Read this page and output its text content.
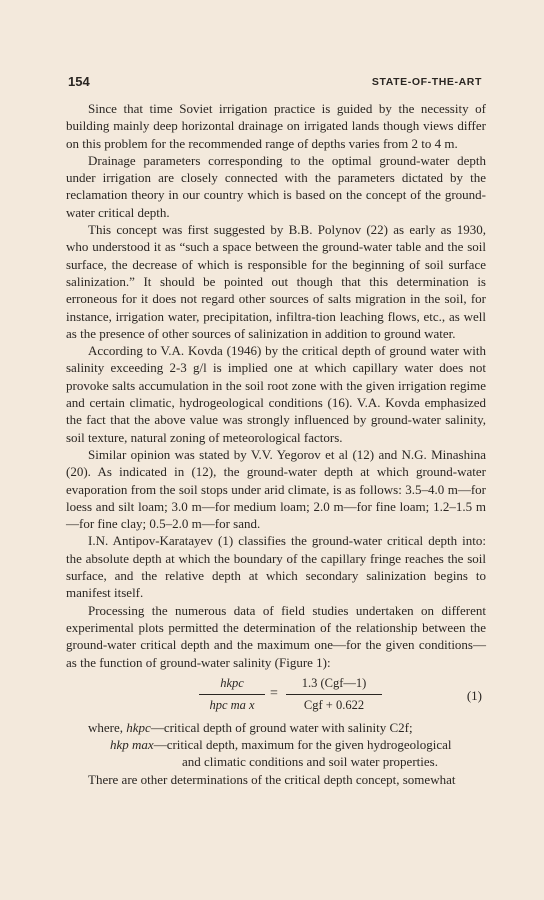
154	STATE-OF-THE-ART

Since that time Soviet irrigation practice is guided by the necessity of building mainly deep horizontal drainage on irrigated lands though views differ on this problem for the recommended range of depths varies from 2 to 4 m.

Drainage parameters corresponding to the optimal ground-water depth under irrigation are closely connected with the parameters dictated by the reclamation theory in our country which is based on the concept of the ground-water critical depth.

This concept was first suggested by B.B. Polynov (22) as early as 1930, who understood it as “such a space between the ground-water table and the soil surface, the decrease of which is responsible for the beginning of soil surface salinization.” It should be pointed out though that this determination is erroneous for it does not regard other sources of salts migration in the soil, for instance, irrigation water, precipitation, infiltra-tion leaching flows, etc., as well as the presence of other sources of salinization in addition to ground water.

According to V.A. Kovda (1946) by the critical depth of ground water with salinity exceeding 2-3 g/l is implied one at which capillary water does not provoke salts accumulation in the soil root zone with the given irrigation regime and certain climatic, hydrogeological conditions (16). V.A. Kovda emphasized the fact that the above value was strongly influenced by ground-water salinity, soil texture, natural zoning of meteorological factors.

Similar opinion was stated by V.V. Yegorov et al (12) and N.G. Minashina (20). As indicated in (12), the ground-water depth at which ground-water evaporation from the soil stops under arid climate, is as follows: 3.5–4.0 m—for loess and silt loam; 3.0 m—for medium loam; 2.0 m—for fine loam; 1.2–1.5 m—for fine clay; 0.5–2.0 m—for sand.

I.N. Antipov-Karatayev (1) classifies the ground-water critical depth into: the absolute depth at which the boundary of the capillary fringe reaches the soil surface, and the relative depth at which secondary salinization begins to manifest itself.

Processing the numerous data of field studies undertaken on different experimental plots permitted the determination of the relationship between the ground-water critical depth and the maximum one—for the given conditions—as the function of ground-water salinity (Figure 1):

hkpc
hpc ma x
=
1.3 (Cgf—1)
Cgf + 0.622
(1)

where, hkpc—critical depth of ground water with salinity C2f;

hkp max—critical depth, maximum for the given hydrogeological
and climatic conditions and soil water properties.

There are other determinations of the critical depth concept, somewhat
